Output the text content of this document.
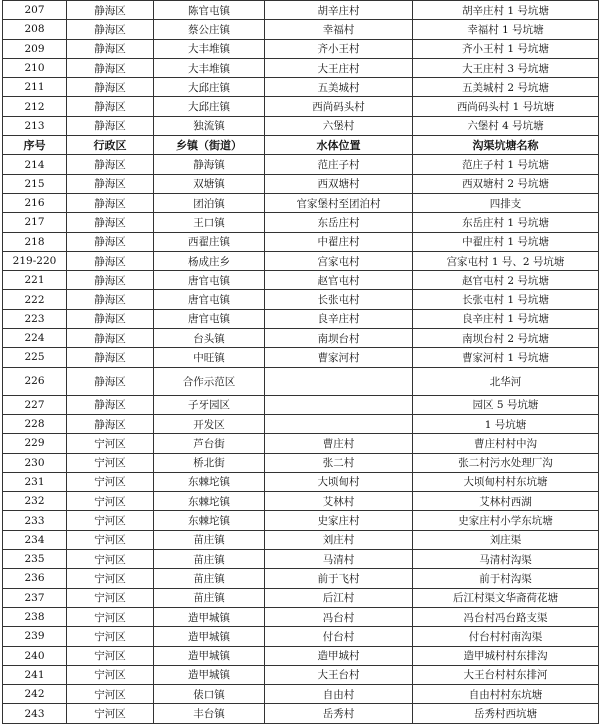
207	静海区	陈官屯镇	胡辛庄村	胡辛庄村 1 号坑塘
208	静海区	蔡公庄镇	幸福村	幸福村 1 号坑塘
209	静海区	大丰堆镇	齐小王村	齐小王村 1 号坑塘
210	静海区	大丰堆镇	大王庄村	大王庄村 3 号坑塘
211	静海区	大邱庄镇	五美城村	五美城村 2 号坑塘
212	静海区	大邱庄镇	西尚码头村	西尚码头村 1 号坑塘
213	静海区	独流镇	六堡村	六堡村 4 号坑塘
序号	行政区	乡镇（街道）	水体位置	沟渠坑塘名称
214	静海区	静海镇	范庄子村	范庄子村 1 号坑塘
215	静海区	双塘镇	西双塘村	西双塘村 2 号坑塘
216	静海区	团泊镇	官家堡村至团泊村	四排支
217	静海区	王口镇	东岳庄村	东岳庄村 1 号坑塘
218	静海区	西翟庄镇	中翟庄村	中翟庄村 1 号坑塘
219-220	静海区	杨成庄乡	宫家屯村	宫家屯村 1 号、2 号坑塘
221	静海区	唐官屯镇	赵官屯村	赵官屯村 2 号坑塘
222	静海区	唐官屯镇	长张屯村	长张屯村 1 号坑塘
223	静海区	唐官屯镇	良辛庄村	良辛庄村 1 号坑塘
224	静海区	台头镇	南坝台村	南坝台村 2 号坑塘
225	静海区	中旺镇	曹家河村	曹家河村 1 号坑塘
226	静海区	合作示范区		北华河
227	静海区	子牙园区		园区 5 号坑塘
228	静海区	开发区		1 号坑塘
229	宁河区	芦台街	曹庄村	曹庄村村中沟
230	宁河区	桥北街	张二村	张二村污水处理厂沟
231	宁河区	东棘坨镇	大顷甸村	大顷甸村村东坑塘
232	宁河区	东棘坨镇	艾林村	艾林村西湖
233	宁河区	东棘坨镇	史家庄村	史家庄村小学东坑塘
234	宁河区	苗庄镇	刘庄村	刘庄渠
235	宁河区	苗庄镇	马清村	马清村沟渠
236	宁河区	苗庄镇	前于飞村	前于村沟渠
237	宁河区	苗庄镇	后江村	后江村渠文华斋荷花塘
238	宁河区	造甲城镇	冯台村	冯台村冯台路支渠
239	宁河区	造甲城镇	付台村	付台村村南沟渠
240	宁河区	造甲城镇	造甲城村	造甲城村村东排沟
241	宁河区	造甲城镇	大王台村	大王台村村东排河
242	宁河区	俵口镇	自由村	自由村村东坑塘
243	宁河区	丰台镇	岳秀村	岳秀村西坑塘
